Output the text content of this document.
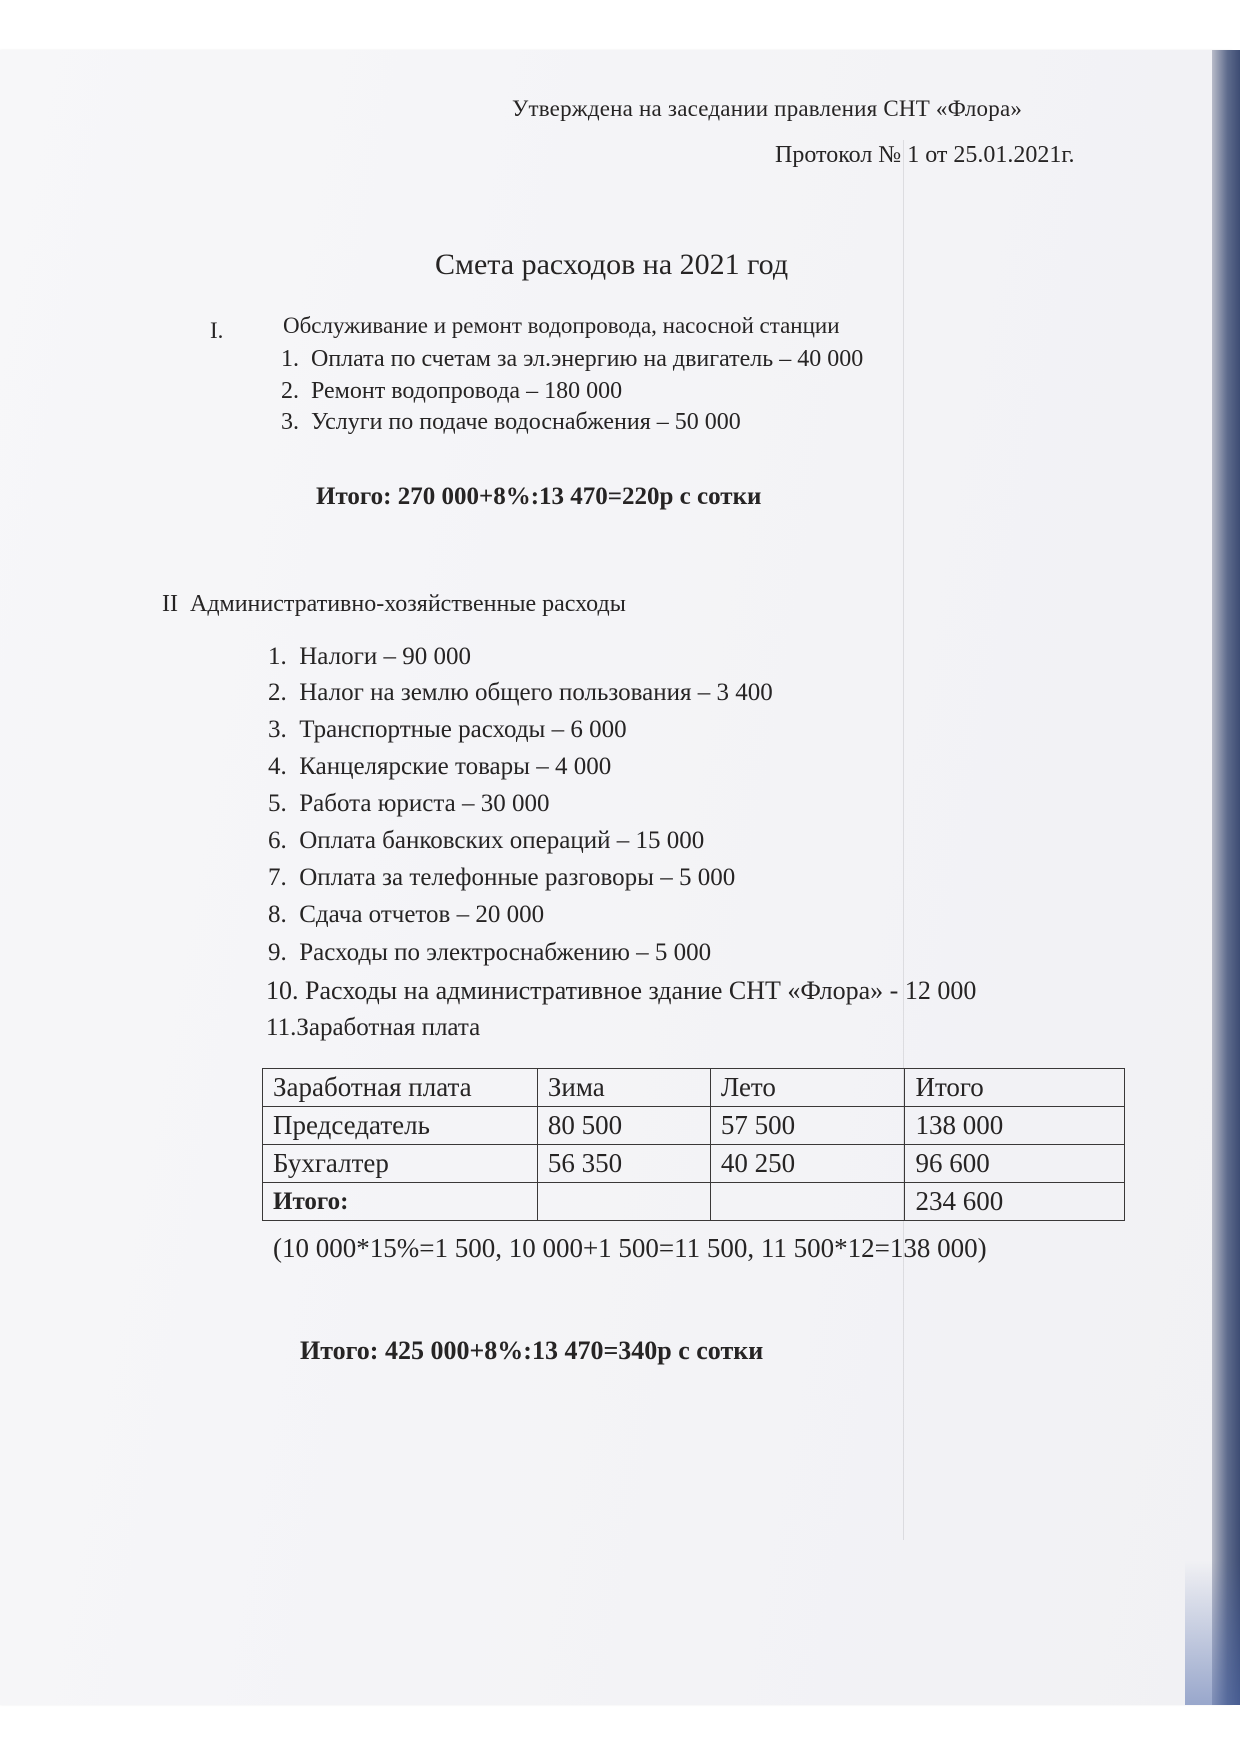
Утверждена на заседании правления СНТ «Флора»
Протокол № 1 от 25.01.2021г.
Смета расходов на 2021 год
I.	Обслуживание и ремонт водопровода, насосной станции
1.  Оплата по счетам за эл.энергию на двигатель – 40 000
2.  Ремонт водопровода – 180 000
3.  Услуги по подаче водоснабжения – 50 000
Итого: 270 000+8%:13 470=220р с сотки
II  Административно-хозяйственные расходы
1.  Налоги – 90 000
2.  Налог на землю общего пользования – 3 400
3.  Транспортные расходы – 6 000
4.  Канцелярские товары – 4 000
5.  Работа юриста – 30 000
6.  Оплата банковских операций – 15 000
7.  Оплата за телефонные разговоры – 5 000
8.  Сдача отчетов – 20 000
9.  Расходы по электроснабжению – 5 000
10. Расходы на административное здание СНТ «Флора» - 12 000
11.Заработная плата
Заработная плата	Зима	Лето	Итого
Председатель	80 500	57 500	138 000
Бухгалтер	56 350	40 250	96 600
Итого:			234 600
(10 000*15%=1 500, 10 000+1 500=11 500, 11 500*12=138 000)
Итого: 425 000+8%:13 470=340р с сотки
